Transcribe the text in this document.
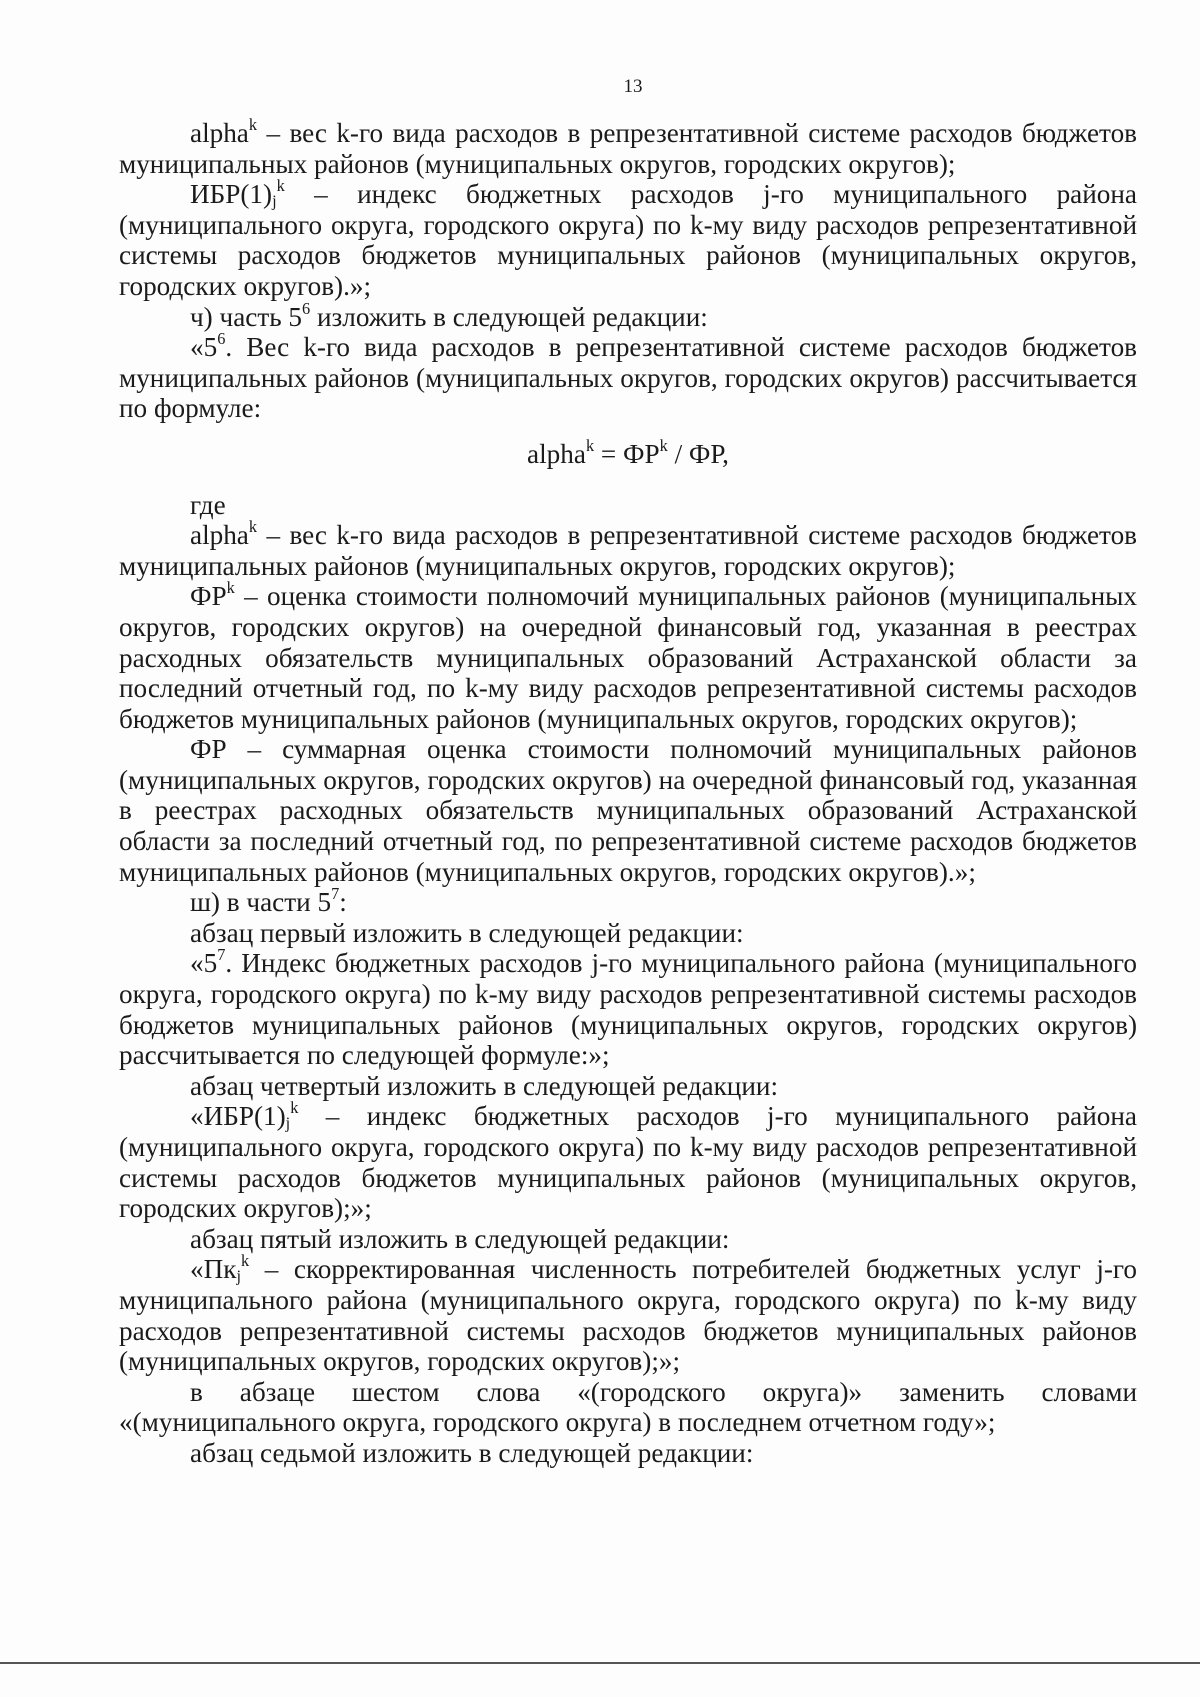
13

alpha$^k$ – вес k-го вида расходов в репрезентативной системе расходов бюджетов муниципальных районов (муниципальных округов, городских округов);

$ИБР(1)_j^k$ – индекс бюджетных расходов j-го муниципального района (муниципального округа, городского округа) по k-му виду расходов репрезентативной системы расходов бюджетов муниципальных районов (муниципальных округов, городских округов).»;

ч) часть $5^6$ изложить в следующей редакции:

«$5^6$. Вес k-го вида расходов в репрезентативной системе расходов бюджетов муниципальных районов (муниципальных округов, городских округов) рассчитывается по формуле:

alpha$^k$ = $ФР^k$ / ФР,

где

alpha$^k$ – вес k-го вида расходов в репрезентативной системе расходов бюджетов муниципальных районов (муниципальных округов, городских округов);

$ФР^k$ – оценка стоимости полномочий муниципальных районов (муниципальных округов, городских округов) на очередной финансовый год, указанная в реестрах расходных обязательств муниципальных образований Астраханской области за последний отчетный год, по k-му виду расходов репрезентативной системы расходов бюджетов муниципальных районов (муниципальных округов, городских округов);

ФР – суммарная оценка стоимости полномочий муниципальных районов (муниципальных округов, городских округов) на очередной финансовый год, указанная в реестрах расходных обязательств муниципальных образований Астраханской области за последний отчетный год, по репрезентативной системе расходов бюджетов муниципальных районов (муниципальных округов, городских округов).»;

ш) в части $5^7$:

абзац первый изложить в следующей редакции:

«$5^7$. Индекс бюджетных расходов j-го муниципального района (муниципального округа, городского округа) по k-му виду расходов репрезентативной системы расходов бюджетов муниципальных районов (муниципальных округов, городских округов) рассчитывается по следующей формуле:»;

абзац четвертый изложить в следующей редакции:

«$ИБР(1)_j^k$ – индекс бюджетных расходов j-го муниципального района (муниципального округа, городского округа) по k-му виду расходов репрезентативной системы расходов бюджетов муниципальных районов (муниципальных округов, городских округов);»;

абзац пятый изложить в следующей редакции:

«$Пк_j^k$ – скорректированная численность потребителей бюджетных услуг j-го муниципального района (муниципального округа, городского округа) по k-му виду расходов репрезентативной системы расходов бюджетов муниципальных районов (муниципальных округов, городских округов);»;

в абзаце шестом слова «(городского округа)» заменить словами «(муниципального округа, городского округа) в последнем отчетном году»;

абзац седьмой изложить в следующей редакции:
